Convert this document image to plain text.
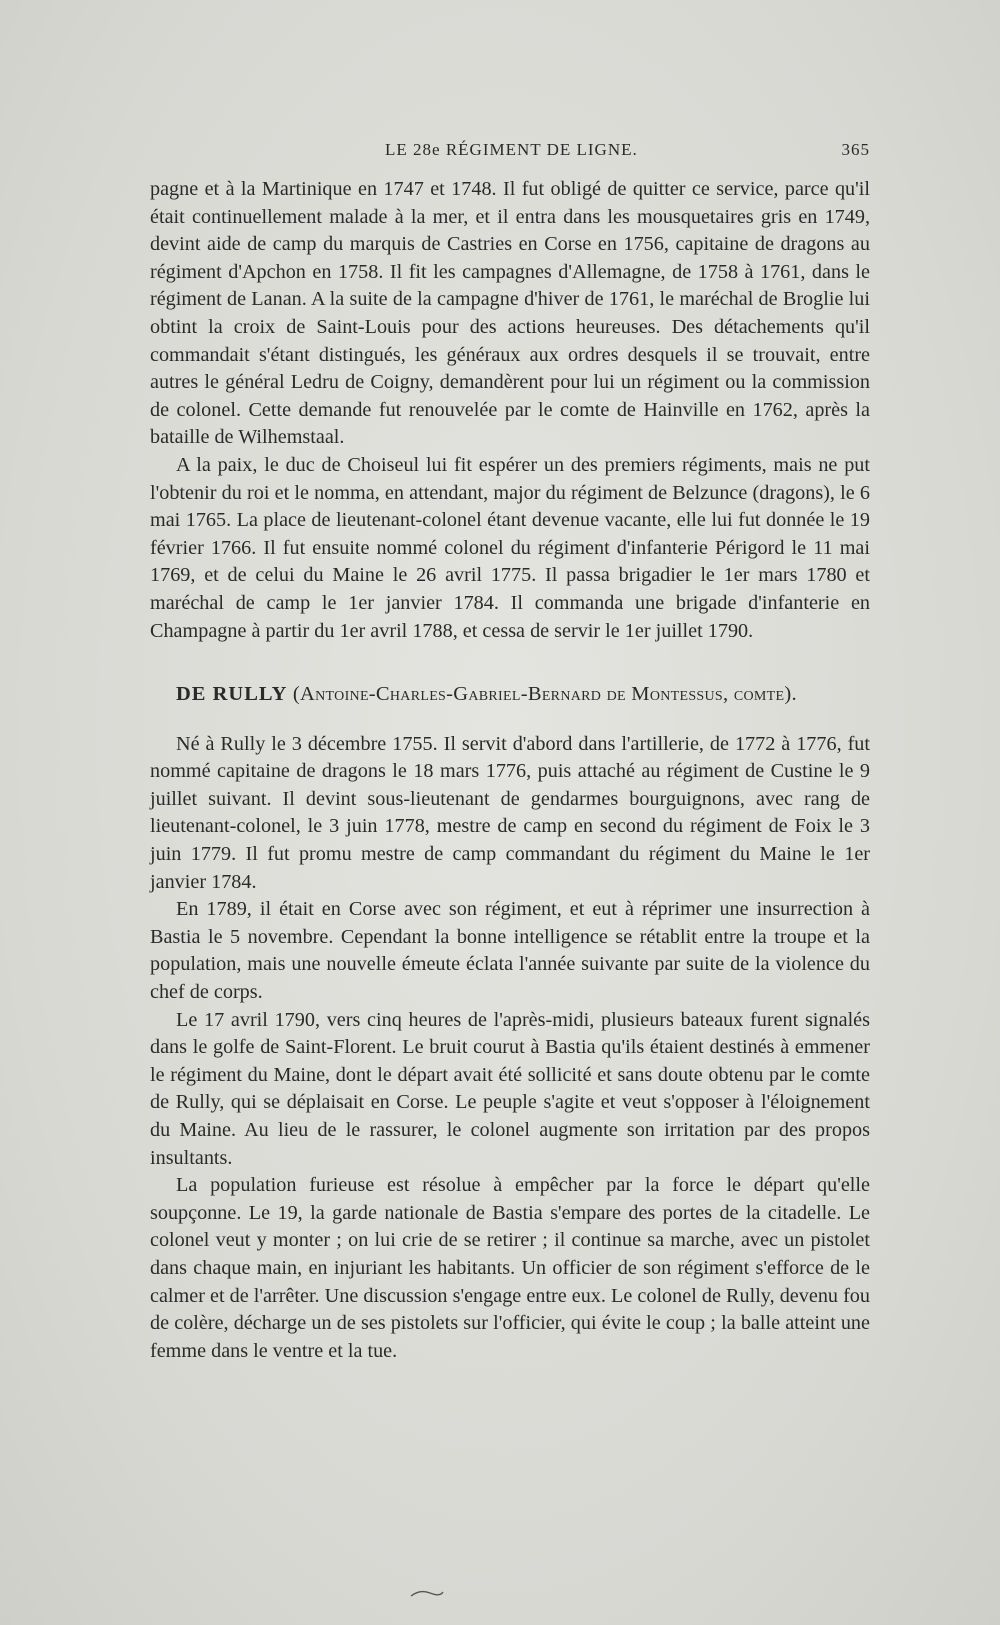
LE 28e RÉGIMENT DE LIGNE.	365

pagne et à la Martinique en 1747 et 1748. Il fut obligé de quitter ce service, parce qu'il était continuellement malade à la mer, et il entra dans les mousquetaires gris en 1749, devint aide de camp du marquis de Castries en Corse en 1756, capitaine de dragons au régiment d'Apchon en 1758. Il fit les campagnes d'Allemagne, de 1758 à 1761, dans le régiment de Lanan. A la suite de la campagne d'hiver de 1761, le maréchal de Broglie lui obtint la croix de Saint-Louis pour des actions heureuses. Des détachements qu'il commandait s'étant distingués, les généraux aux ordres desquels il se trouvait, entre autres le général Ledru de Coigny, demandèrent pour lui un régiment ou la commission de colonel. Cette demande fut renouvelée par le comte de Hainville en 1762, après la bataille de Wilhemstaal.

A la paix, le duc de Choiseul lui fit espérer un des premiers régiments, mais ne put l'obtenir du roi et le nomma, en attendant, major du régiment de Belzunce (dragons), le 6 mai 1765. La place de lieutenant-colonel étant devenue vacante, elle lui fut donnée le 19 février 1766. Il fut ensuite nommé colonel du régiment d'infanterie Périgord le 11 mai 1769, et de celui du Maine le 26 avril 1775. Il passa brigadier le 1er mars 1780 et maréchal de camp le 1er janvier 1784. Il commanda une brigade d'infanterie en Champagne à partir du 1er avril 1788, et cessa de servir le 1er juillet 1790.

DE RULLY (Antoine-Charles-Gabriel-Bernard de Montessus, comte).

Né à Rully le 3 décembre 1755. Il servit d'abord dans l'artillerie, de 1772 à 1776, fut nommé capitaine de dragons le 18 mars 1776, puis attaché au régiment de Custine le 9 juillet suivant. Il devint sous-lieutenant de gendarmes bourguignons, avec rang de lieutenant-colonel, le 3 juin 1778, mestre de camp en second du régiment de Foix le 3 juin 1779. Il fut promu mestre de camp commandant du régiment du Maine le 1er janvier 1784.

En 1789, il était en Corse avec son régiment, et eut à réprimer une insurrection à Bastia le 5 novembre. Cependant la bonne intelligence se rétablit entre la troupe et la population, mais une nouvelle émeute éclata l'année suivante par suite de la violence du chef de corps.

Le 17 avril 1790, vers cinq heures de l'après-midi, plusieurs bateaux furent signalés dans le golfe de Saint-Florent. Le bruit courut à Bastia qu'ils étaient destinés à emmener le régiment du Maine, dont le départ avait été sollicité et sans doute obtenu par le comte de Rully, qui se déplaisait en Corse. Le peuple s'agite et veut s'opposer à l'éloignement du Maine. Au lieu de le rassurer, le colonel augmente son irritation par des propos insultants.

La population furieuse est résolue à empêcher par la force le départ qu'elle soupçonne. Le 19, la garde nationale de Bastia s'empare des portes de la citadelle. Le colonel veut y monter ; on lui crie de se retirer ; il continue sa marche, avec un pistolet dans chaque main, en injuriant les habitants. Un officier de son régiment s'efforce de le calmer et de l'arrêter. Une discussion s'engage entre eux. Le colonel de Rully, devenu fou de colère, décharge un de ses pistolets sur l'officier, qui évite le coup ; la balle atteint une femme dans le ventre et la tue.
